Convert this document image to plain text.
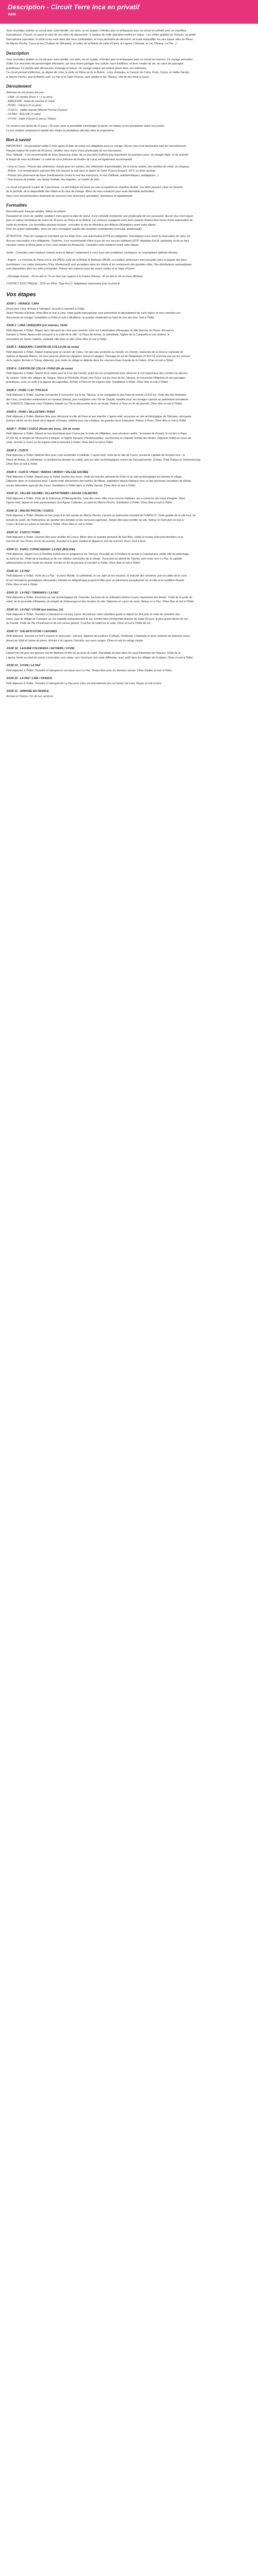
Description - Circuit Terre Inca en privatif

***

Vous souhaitez réaliser un circuit avec votre famille, vos amis, ou en couple, n'hésitez plus et embarquez pour un circuit en privatif avec un chauffeur,

francophone, d'Uyuni, un ayant et celui de vos rêves de découverte ! L'audace de cette opération mettra en valeur : Les visites guidées en français, un guide

francophone spécialisé, la visite et les nuits dans des lieux confortables, et vous permettra de découvrir, en toute tranquillité, les plus beaux sites du Pérou

(le Machu Picchu, Cuzco et les Chullpas de Sillustani), et celles de la Bolivie (le salar d'Uyuni, la Lagune Colorada, le Lac Titicaca, La Paz...).

Description

Vous souhaitez réaliser un circuit avec votre famille, vos amis, ou en couple, n'hésitez plus et embarquez pour un circuit sur mesure. Ce voyage permettra

d'aller à la rencontre de personnages étonnants, qui vous feront partager leur culture, leurs traditions, et leurs modes de vie, au cœur de paysages

grandioses. Ce périple allie découverte, échange et nature. Un voyage unique qui restera gravé dans vos mémoires.

Ce circuit permet d'effectuer, au départ de Lima, la visite du Pérou et de la Bolivie : Lima, Arequipa, le Canyon de Colca, Puno, Cuzco, la Vallée Sacrée,

le Machu Picchu, puis la Bolivie avec La Paz et le Salar d'Uyuni, sans oublier le lac Titicaca. Une fin de circuit à Uyuni...

Déroulement

Itinéraire du circuit jour par jour :

- LIMA - El Tambo (Paris 1 / 2 ou plus)

- AREQUIPA - Hotel de charme (2 nuits)

- PUNO - Titicaca (3 ou plus)

- CUZCO - Vallée Sacrée (Machu Picchu) (4 jours)

- LA PAZ - BOLIVIE (3 nuits)

- UYUNI - Salar d'Uyuni (2 jours) / Retour

Ce circuit a une durée de 21 jours / 20 nuits, avec la possibilité d'aménager la durée, les étapes et les prestations selon vos envies.

Le prix indiqué comprend la totalité des visites et prestations décrites dans le programme.

Bon à savoir

IMPORTANT : Un passeport valide 6 mois après la date de retour est obligatoire pour ce voyage. Aucun visa n'est nécessaire pour les ressortissants

français (séjour de moins de 90 jours). Veuillez vous munir d'une photocopie de vos documents.

Pour l'altitude : il est recommandé de boire beaucoup d'eau, de ne pas faire d'efforts trop importants les premiers jours, de manger léger, et de prendre

le temps de vous acclimater. Le maté de coca (infusion de feuilles de coca) est également recommandé.

- Lima et Cuzco : Prévoir des vêtements chauds pour les soirées, des vêtements imperméables, de la crème solaire, des lunettes de soleil, un chapeau.

- Bolivie : Les températures peuvent être très basses la nuit dans la région du Salar d'Uyuni (jusqu'à -20°C en hiver austral).

- Prévoir une pharmacie de base (médicaments contre le mal des transports, le mal d'altitude, antidiarrhéiques, antalgiques...).

- Une trousse de toilette, une lampe frontale, des lingettes, un maillot de bain...

Le circuit est garanti à partir de 2 personnes. Le tarif indiqué est basé sur une occupation en chambre double. Les tarifs peuvent varier en fonction

de la période, de la disponibilité des hôtels et du taux de change. Merci de nous contacter pour toute demande particulière.

Nous vous recommandons fortement de souscrire une assurance annulation, assistance et rapatriement.

Formalités

Ressortissants français adultes, bébés et enfants :

Passeport en cours de validité, valable 6 mois après la date de retour. Il est conseillé d'emporter une photocopie de son passeport. Aucun visa n'est requis

pour un séjour touristique de moins de 90 jours au Pérou et en Bolivie. Les mineurs voyageant sans leurs parents doivent être munis d'une autorisation de

sortie du territoire. Les formalités peuvent évoluer : consultez le site du Ministère des Affaires Étrangères avant votre départ.

Pour les autres nationalités, merci de vous renseigner auprès des autorités compétentes (consulat, ambassade).

ATTENTION : Pour les voyageurs transitant par les États-Unis, une autorisation ESTA est obligatoire. Renseignez-vous avant la réservation de votre vol.

Aucune vaccination n'est obligatoire. Toutefois, il est recommandé d'être à jour de ses vaccins habituels (DTP, hépatites A et B, typhoïde), et de se faire

vacciner contre la fièvre jaune si vous vous rendez en Amazonie. Consultez votre médecin avant votre départ.

Santé : Consultez votre médecin traitant avant le départ, notamment si vous avez des problèmes cardiaques ou respiratoires (altitude élevée).

- Argent : La monnaie du Pérou est le Sol (PEN), celle de la Bolivie le Boliviano (BOB). Les dollars américains sont acceptés dans la plupart des lieux

touristiques. Les cartes bancaires (Visa, Mastercard) sont acceptées dans les hôtels et les restaurants des grandes villes. Des distributeurs automatiques

sont disponibles dans les villes principales. Prévoir des espèces pour les zones rurales et le Salar d'Uyuni.

- Décalage horaire : -6h en été et -7h en hiver par rapport à la France (Pérou), -5h en été et -6h en hiver (Bolivie).

CONTACT ÉLECTRIQUE : 220V en 60Hz. Type A et C. Adaptateur nécessaire pour la prise A.

Vos étapes
JOUR 1 : FRANCE / LIMA

Envol pour Lima. Arrivée à l'aéroport, accueil et transfert à l'hôtel.

Selon l'horaire d'arrivée, dîner libre et nuit à Lima. Votre guide francophone vous présentera le déroulement de votre séjour et vous remettra vos

documents de voyage. Installation à l'hôtel et nuit à Miraflores, le quartier résidentiel en bord de mer de Lima. Nuit à l'hôtel.

JOUR 2 : LIMA / AREQUIPA (vol intérieur, 1h30)

Petit déjeuner à l'hôtel. Départ vers l'aéroport de Lima pour prendre votre vol à destination d'Arequipa, la ville blanche du Pérou. Accueil et

transfert à l'hôtel. Après-midi consacré à la visite de la ville : la Plaza de Armas, la cathédrale, l'église de la Compañía et ses cloîtres, le

monastère de Santa Catalina, véritable ville dans la ville. Dîner libre et nuit à l'hôtel.

JOUR 3 : AREQUIPA / CANYON DE COLCA (4h de route)

Petit déjeuner à l'hôtel. Départ matinal pour le canyon de Colca, l'un des plus profonds au monde. En chemin, traversée de la réserve nationale de

Salinas et Aguada Blanca, où vous pourrez observer vigognes, lamas et alpagas. Passage du col de Patapampa (4 910 m), point de vue sur les volcans

de la région. Arrivée à Chivay, déjeuner, puis visite du village et détente dans les sources d'eau chaude de la Calera. Dîner et nuit à l'hôtel.

JOUR 4 : CANYON DE COLCA / PUNO (6h de route)

Petit déjeuner à l'hôtel. Départ tôt le matin pour la Cruz del Condor, point de vue exceptionnel pour observer le vol majestueux des condors au-dessus

du canyon. Visite des villages de Yanque, Maca et Pinchollo. Route vers Puno, sur les rives du lac Titicaca, en traversant l'Altiplano et ses paysages

grandioses, avec un arrêt à la lagune de Lagunillas. Arrivée à Puno en fin d'après-midi. Installation à l'hôtel. Dîner libre et nuit à l'hôtel.

JOUR 5 : PUNO / LAC TITICACA

Petit déjeuner à l'hôtel. Journée consacrée à l'excursion sur le lac Titicaca, le lac navigable le plus haut du monde (3 810 m). Visite des îles flottantes

des Uros, construites entièrement en roseaux (totora), puis navigation vers l'île de Taquile, réputée pour ses tissages classés au patrimoine immatériel

de l'UNESCO. Déjeuner chez l'habitant, balade sur l'île et découverte de la vie locale. Retour à Puno en fin de journée. Dîner libre et nuit à l'hôtel.

JOUR 6 : PUNO / SILLUSTANI / PUNO

Petit déjeuner à l'hôtel. Matinée libre pour découvrir la ville de Puno et son marché. L'après-midi, excursion au site archéologique de Sillustani, nécropole

préinca située sur les bords de la lagune d'Umayo, célèbre pour ses chullpas, de grandes tours funéraires. Retour à Puno. Dîner libre et nuit à l'hôtel.

JOUR 7 : PUNO / CUZCO (Route des Incas, 10h de route)

Petit déjeuner à l'hôtel. Départ en bus touristique pour Cuzco par la route de l'Altiplano, avec plusieurs arrêts : le musée de Pucará, le col de La Raya

(4 335 m), le temple de Wiracocha à Raqchi, et l'église baroque d'Andahuaylillas, surnommée la chapelle Sixtine des Andes. Déjeuner buffet en cours de

route. Arrivée à Cuzco en fin d'après-midi et transfert à l'hôtel. Dîner libre et nuit à l'hôtel.

JOUR 8 : CUZCO

Petit déjeuner à l'hôtel. Matinée libre pour vous acclimater à l'altitude. L'après-midi, visite de la ville de Cuzco, ancienne capitale de l'empire inca : la

Plaza de Armas, la cathédrale, le Qorikancha (temple du soleil), puis les sites archéologiques voisins de Sacsayhuamán, Q'enqo, Puka Pukara et Tambomachay.

Dîner libre et nuit à l'hôtel.

JOUR 9 : CUZCO / PISAC / MARAS / MORAY / VALLÉE SACRÉE

Petit déjeuner à l'hôtel. Départ pour la Vallée Sacrée des Incas. Visite du marché artisanal de Pisac et du site archéologique qui domine le village.

Déjeuner dans un restaurant local. L'après-midi, découverte des salines de Maras, exploitées depuis l'époque inca, et des terrasses circulaires de Moray,

ancien laboratoire agricole des Incas. Installation à l'hôtel dans la Vallée Sacrée. Dîner libre et nuit à l'hôtel.

JOUR 10 : VALLÉE SACRÉE / OLLANTAYTAMBO / AGUAS CALIENTES

Petit déjeuner à l'hôtel. Visite de la forteresse d'Ollantaytambo, l'une des rares villes incas encore habitées, qui a conservé son tracé d'origine. Dans

l'après-midi, départ en train panoramique vers Aguas Calientes, au pied du Machu Picchu. Installation à l'hôtel. Dîner libre et nuit à l'hôtel.

JOUR 11 : MACHU PICCHU / CUZCO

Petit déjeuner à l'hôtel. Montée en bus jusqu'à la cité sacrée du Machu Picchu, classée au patrimoine mondial de l'UNESCO. Visite guidée de la cité inca, du

temple du soleil, de l'Intihuatana, du quartier des temples et des terrasses agricoles. Temps libre pour profiter du site. Retour en train puis en bus à

Cuzco. Arrivée en soirée et transfert à l'hôtel. Dîner libre et nuit à l'hôtel.

JOUR 12 : CUZCO / PUNO

Petit déjeuner à l'hôtel. Journée libre pour profiter de Cuzco, flâner dans le quartier artisanal de San Blas, visiter le musée d'art précolombien ou le

marché de San Pedro. En fin de journée, transfert à la gare routière et départ en bus de nuit vers Puno. Nuit à bord.

JOUR 13 : PUNO / COPACABANA / LA PAZ (BOLIVIE)

Petit déjeuner. Départ vers la frontière bolivienne en longeant le lac Titicaca. Passage de la frontière et arrivée à Copacabana, petite ville de pèlerinage

au bord du lac. Visite de la basilique et de son célèbre sanctuaire de la Vierge. Traversée du détroit de Tiquina, puis route vers La Paz, la capitale

administrative la plus haute du monde. Arrivée en fin de journée et transfert à l'hôtel. Dîner libre et nuit à l'hôtel.

JOUR 14 : LA PAZ

Petit déjeuner à l'hôtel. Visite de La Paz : la place Murillo, la cathédrale, la rue Jaén et ses musées, le marché des sorcières, puis la vallée de la Lune

et ses formations géologiques étonnantes. Montée en téléphérique jusqu'à El Alto pour un panorama exceptionnel sur la ville et la cordillère Royale.

Dîner libre et nuit à l'hôtel.

JOUR 15 : LA PAZ / TIWANAKU / LA PAZ

Petit déjeuner à l'hôtel. Excursion au site archéologique de Tiwanaku, berceau de la civilisation préinca la plus importante des Andes. Visite de la porte du

soleil, de la pyramide d'Akapana, du temple de Kalasasaya et des musées du site. Déjeuner en cours de route. Retour à La Paz. Dîner libre et nuit à l'hôtel.

JOUR 16 : LA PAZ / UYUNI (vol intérieur, 1h)

Petit déjeuner à l'hôtel. Transfert à l'aéroport et vol pour Uyuni. Accueil par votre chauffeur-guide et départ en 4x4 pour la visite du cimetière des

trains, puis du village de Colchani, où l'on exploite artisanalement le sel. Entrée dans l'immensité blanche du Salar d'Uyuni, le plus grand désert de sel

du monde. Visite de l'île d'Incahuasi et de ses cactus géants. Coucher de soleil sur le salar. Dîner et nuit à l'hôtel de sel.

JOUR 17 : SALAR D'UYUNI / LAGUNES

Petit déjeuner. Journée en 4x4 à travers le Sud Lípez : volcans, lagunes de couleurs (Cañapa, Hedionda, Chiarkota) et leurs colonies de flamants roses,

désert de Siloli et l'arbre de pierre. Arrivée à la Laguna Colorada, aux eaux rouges. Dîner et nuit en refuge simple.

JOUR 18 : LAGUNE COLORADA / GEYSERS / UYUNI

Départ très tôt pour les geysers Sol de Mañana (4 850 m) au lever du soleil. Possibilité de bain dans les eaux thermales de Polques. Visite de la

Laguna Verde au pied du volcan Licancabur, puis retour vers Uyuni par une route différente, avec arrêt dans les villages de la région. Dîner et nuit à l'hôtel.

JOUR 19 : UYUNI / LA PAZ

Petit déjeuner à l'hôtel. Transfert à l'aéroport et vol retour vers La Paz. Temps libre pour les derniers achats. Dîner d'adieu et nuit à l'hôtel.

JOUR 20 : LA PAZ / LIMA / FRANCE

Petit déjeuner à l'hôtel. Transfert à l'aéroport de La Paz pour votre vol international vers la France via Lima. Repas et nuit à bord.

JOUR 21 : ARRIVÉE EN FRANCE

Arrivée en France. Fin de nos services.
